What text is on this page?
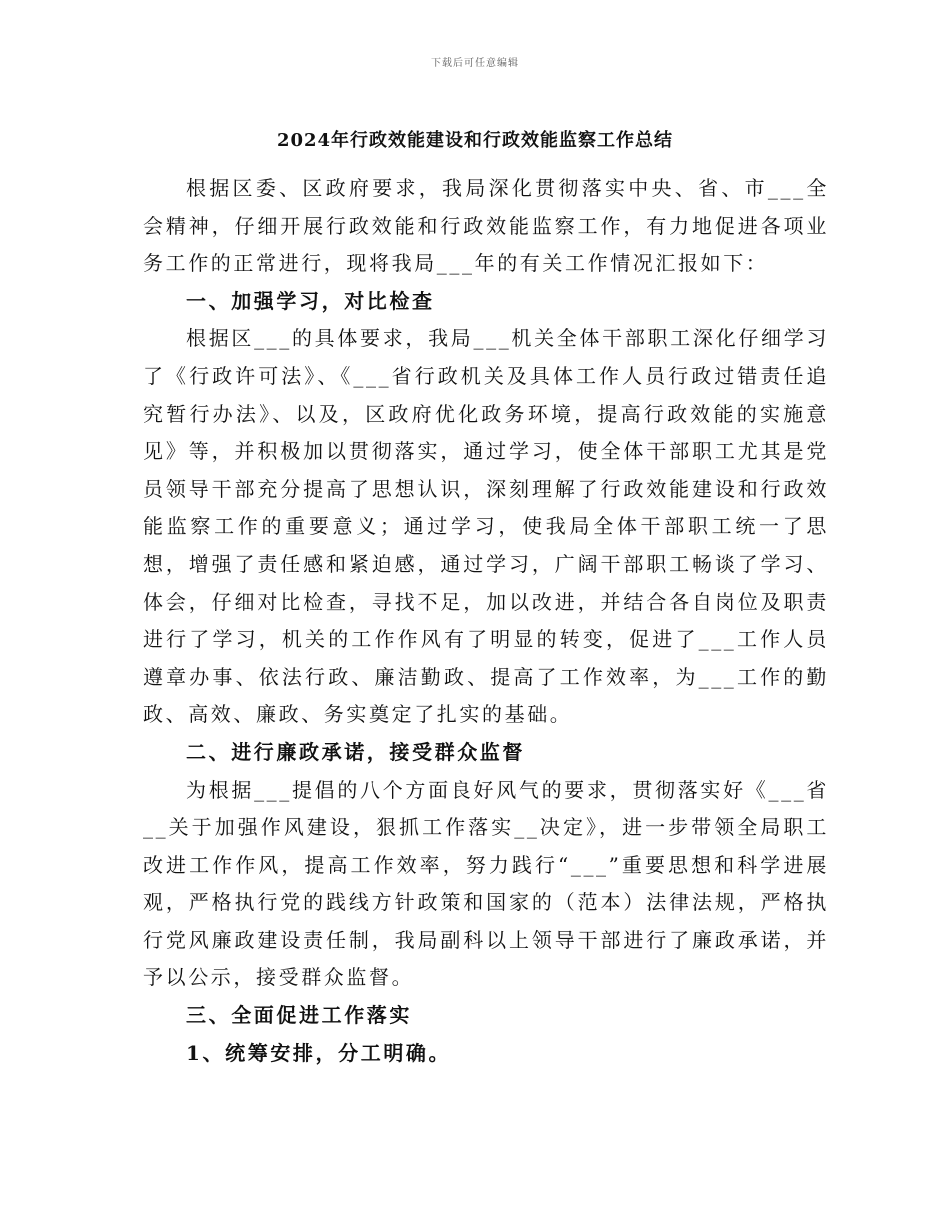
下载后可任意编辑
2024年行政效能建设和行政效能监察工作总结

根据区委、区政府要求，我局深化贯彻落实中央、省、市___全会精神，仔细开展行政效能和行政效能监察工作，有力地促进各项业务工作的正常进行，现将我局___年的有关工作情况汇报如下：

一、加强学习，对比检查

根据区___的具体要求，我局___机关全体干部职工深化仔细学习了《行政许可法》、《___省行政机关及具体工作人员行政过错责任追究暂行办法》、以及，区政府优化政务环境，提高行政效能的实施意见》等，并积极加以贯彻落实，通过学习，使全体干部职工尤其是党员领导干部充分提高了思想认识，深刻理解了行政效能建设和行政效能监察工作的重要意义；通过学习，使我局全体干部职工统一了思想，增强了责任感和紧迫感，通过学习，广阔干部职工畅谈了学习、体会，仔细对比检查，寻找不足，加以改进，并结合各自岗位及职责进行了学习，机关的工作作风有了明显的转变，促进了___工作人员遵章办事、依法行政、廉洁勤政、提高了工作效率，为___工作的勤政、高效、廉政、务实奠定了扎实的基础。

二、进行廉政承诺，接受群众监督

为根据___提倡的八个方面良好风气的要求，贯彻落实好《___省__关于加强作风建设，狠抓工作落实__决定》，进一步带领全局职工改进工作作风，提高工作效率，努力践行“___”重要思想和科学进展观，严格执行党的践线方针政策和国家的（范本）法律法规，严格执行党风廉政建设责任制，我局副科以上领导干部进行了廉政承诺，并予以公示，接受群众监督。

三、全面促进工作落实

1、统筹安排，分工明确。
